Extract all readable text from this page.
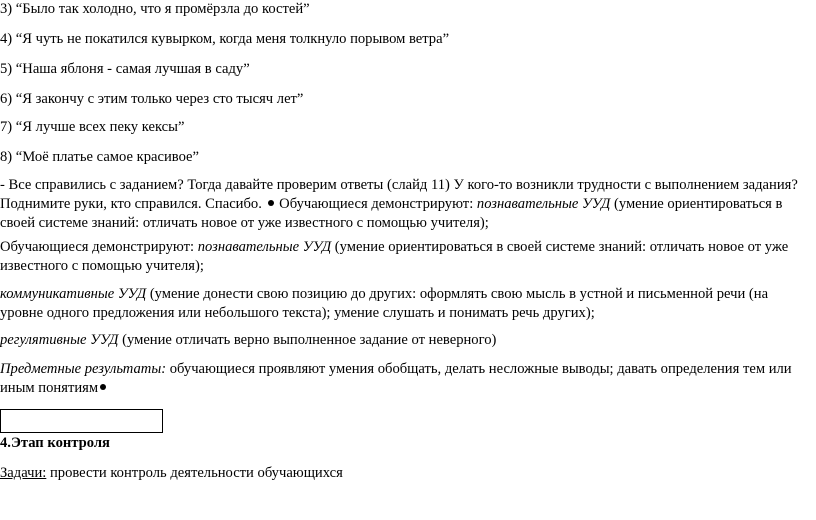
3) “Было так холодно, что я промёрзла до костей”
4) “Я чуть не покатился кувырком, когда меня толкнуло порывом ветра”
5) “Наша яблоня - самая лучшая в саду”
6) “Я закончу с этим только через сто тысяч лет”
7) “Я лучше всех пеку кексы”
8) “Моё платье самое красивое”
- Все справились с заданием? Тогда давайте проверим ответы (слайд 11) У кого-то возникли трудности с выполнением задания? Поднимите руки, кто справился. Спасибо.  Обучающиеся демонстрируют: познавательные УУД (умение ориентироваться в своей системе знаний: отличать новое от уже известного с помощью учителя);
Обучающиеся демонстрируют: познавательные УУД (умение ориентироваться в своей системе знаний: отличать новое от уже известного с помощью учителя);
коммуникативные УУД (умение донести свою позицию до других: оформлять свою мысль в устной и письменной речи (на уровне одного предложения или небольшого текста); умение слушать и понимать речь других);
регулятивные УУД (умение отличать верно выполненное задание от неверного)
Предметные результаты: обучающиеся проявляют умения обобщать, делать несложные выводы; давать определения тем или иным понятиям
4.Этап контроля
Задачи: провести контроль деятельности обучающихся
